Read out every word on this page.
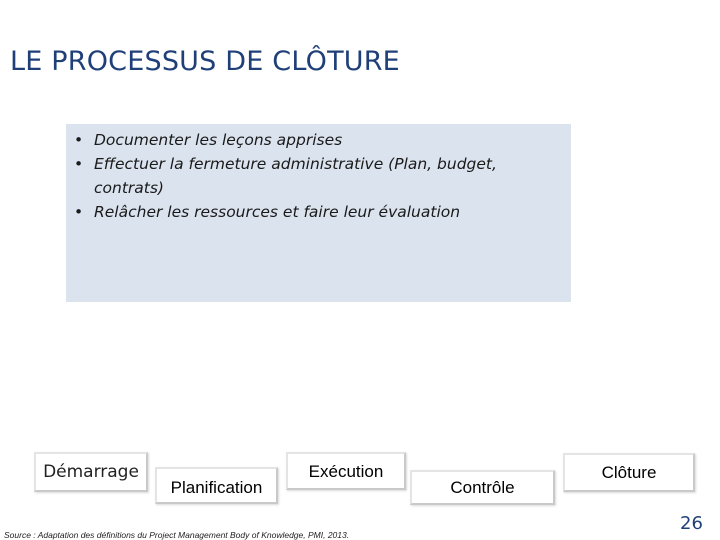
LE PROCESSUS DE CLÔTURE
• Documenter les leçons apprises
• Effectuer la fermeture administrative (Plan, budget, contrats)
• Relâcher les ressources et faire leur évaluation
Démarrage
Planification
Exécution
Contrôle
Clôture
Source : Adaptation des définitions du Project Management Body of Knowledge, PMI, 2013.
26
